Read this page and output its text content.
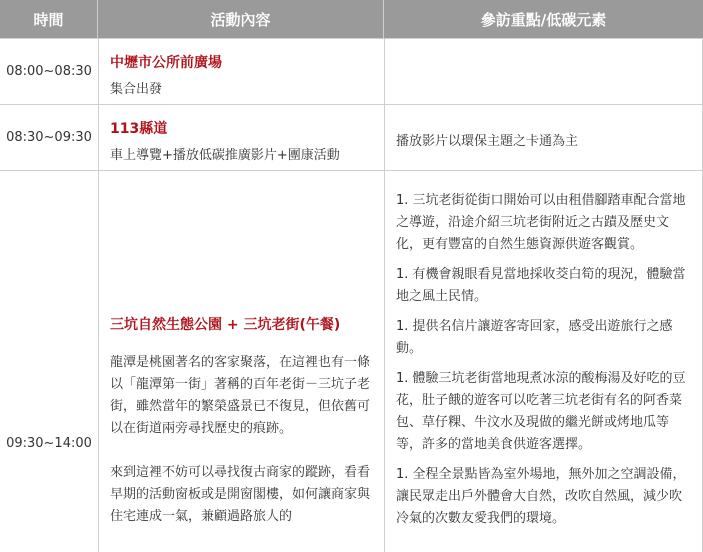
時間	活動內容	參訪重點/低碳元素
08:00~08:30
中壢市公所前廣場
集合出發
08:30~09:30
113縣道
車上導覽+播放低碳推廣影片+團康活動
播放影片以環保主題之卡通為主
09:30~14:00
三坑自然生態公園 + 三坑老街(午餐)
龍潭是桃園著名的客家聚落，在這裡也有一條以「龍潭第一街」著稱的百年老街－三坑子老街，雖然當年的繁榮盛景已不復見，但依舊可以在街道兩旁尋找歷史的痕跡。
來到這裡不妨可以尋找復古商家的蹤跡，看看早期的活動窗板或是開窗閣樓，如何讓商家與住宅連成一氣，兼顧過路旅人的

1. 三坑老街從街口開始可以由租借腳踏車配合當地之導遊，沿途介紹三坑老街附近之古蹟及歷史文化，更有豐富的自然生態資源供遊客觀賞。

1. 有機會親眼看見當地採收茭白筍的現況，體驗當地之風土民情。

1. 提供名信片讓遊客寄回家，感受出遊旅行之感動。

1. 體驗三坑老街當地現煮冰涼的酸梅湯及好吃的豆花，肚子餓的遊客可以吃著三坑老街有名的阿香菜包、草仔粿、牛汶水及現做的繼光餅或烤地瓜等等，許多的當地美食供遊客選擇。

1. 全程全景點皆為室外場地，無外加之空調設備，讓民眾走出戶外體會大自然，改吹自然風，減少吹冷氣的次數友愛我們的環境。
